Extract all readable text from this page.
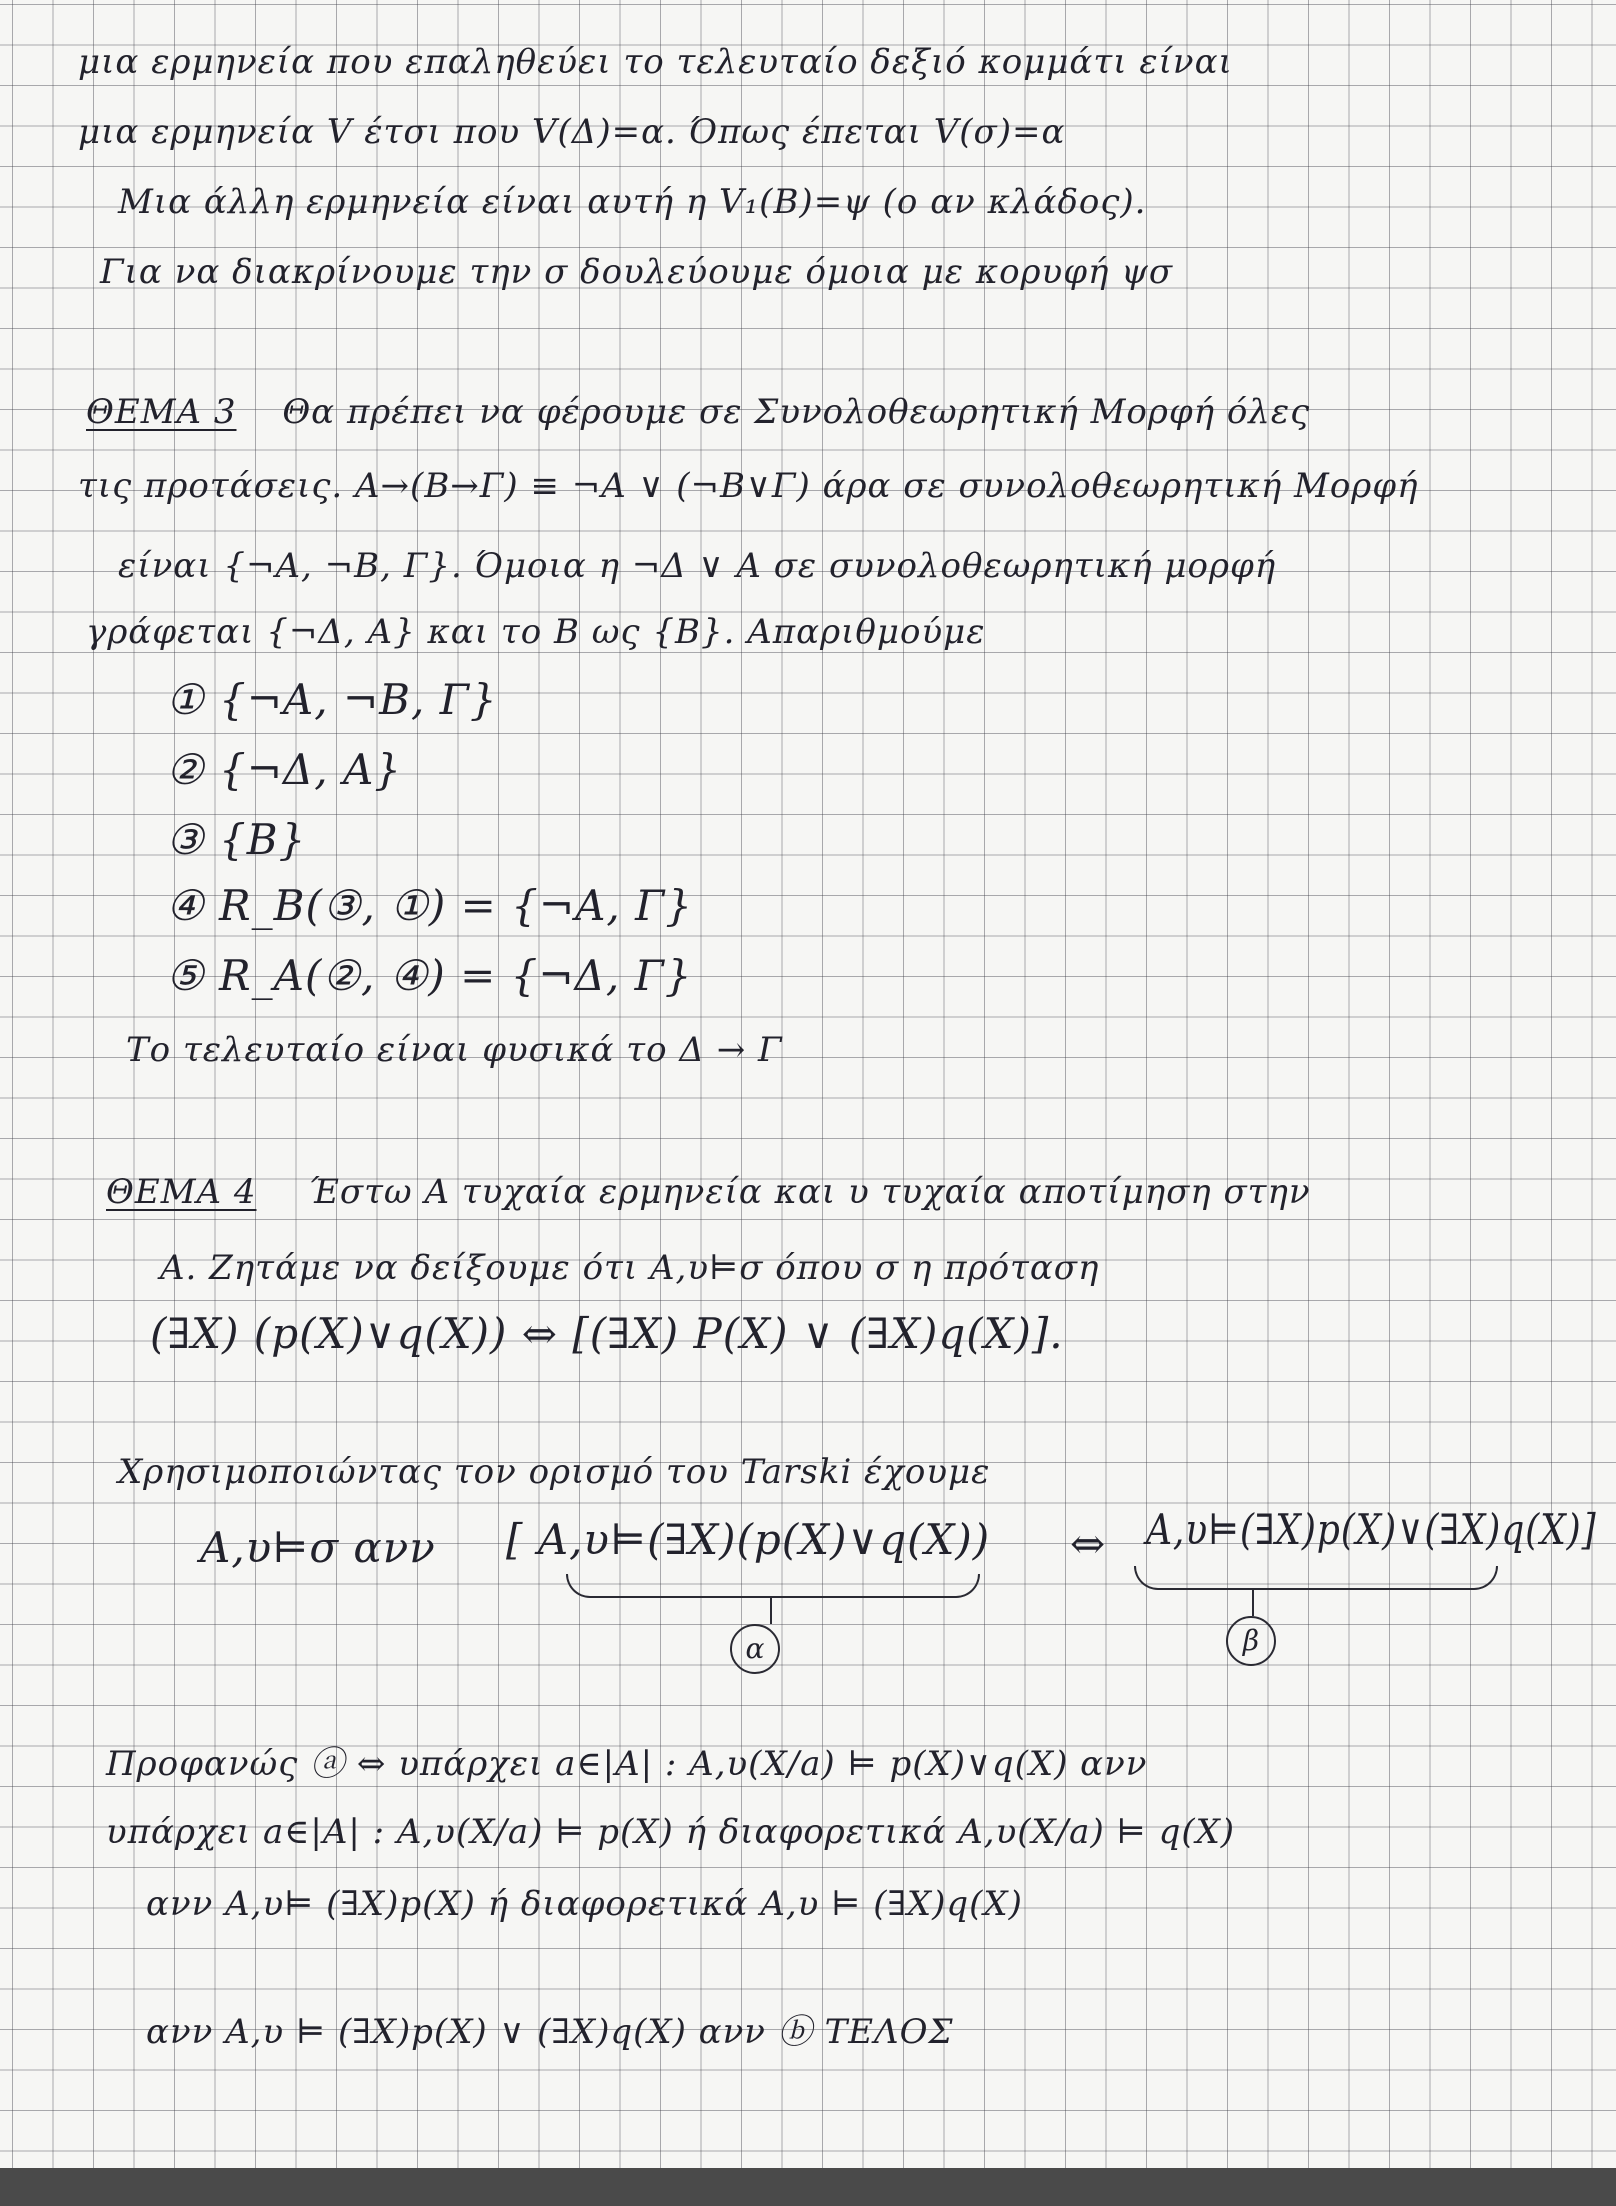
μια ερμηνεία που επαληθεύει το τελευταίο δεξιό κομμάτι είναι
μια ερμηνεία V έτσι που V(Δ)=α. Όπως έπεται V(σ)=α
Μια άλλη ερμηνεία είναι αυτή η V₁(B)=ψ (ο αν κλάδος).
Για να διακρίνουμε την σ δουλεύουμε όμοια με κορυφή ψσ
ΘΕΜΑ 3 Θα πρέπει να φέρουμε σε Συνολοθεωρητική Μορφή όλες
τις προτάσεις. A→(B→Γ) ≡ ¬A ∨ (¬B∨Γ) άρα σε συνολοθεωρητική Μορφή
είναι {¬A, ¬B, Γ}. Όμοια η ¬Δ ∨ A σε συνολοθεωρητική μορφή
γράφεται {¬Δ, A} και το B ως {B}. Απαριθμούμε
① {¬A, ¬B, Γ}
② {¬Δ, A}
③ {B}
④ R_B(③, ①) = {¬A, Γ}
⑤ R_A(②, ④) = {¬Δ, Γ}
Το τελευταίο είναι φυσικά το Δ → Γ
ΘΕΜΑ 4 Έστω A τυχαία ερμηνεία και υ τυχαία αποτίμηση στην
A. Ζητάμε να δείξουμε ότι A,υ⊨σ όπου σ η πρόταση
(∃X) (p(X)∨q(X)) ⇔ [(∃X) P(X) ∨ (∃X)q(X)].
Χρησιμοποιώντας τον ορισμό του Tarski έχουμε
A,υ⊨σ ανν [ A,υ⊨(∃X)(p(X)∨q(X)) ⇔ A,υ⊨(∃X)p(X)∨(∃X)q(X)]
α	β
Προφανώς ⓐ ⇔ υπάρχει a∈|A| : A,υ(X/a) ⊨ p(X)∨q(X) ανν
υπάρχει a∈|A| : A,υ(X/a) ⊨ p(X) ή διαφορετικά A,υ(X/a) ⊨ q(X)
ανν A,υ⊨ (∃X)p(X) ή διαφορετικά A,υ ⊨ (∃X)q(X)
ανν A,υ ⊨ (∃X)p(X) ∨ (∃X)q(X) ανν ⓑ ΤΕΛΟΣ
